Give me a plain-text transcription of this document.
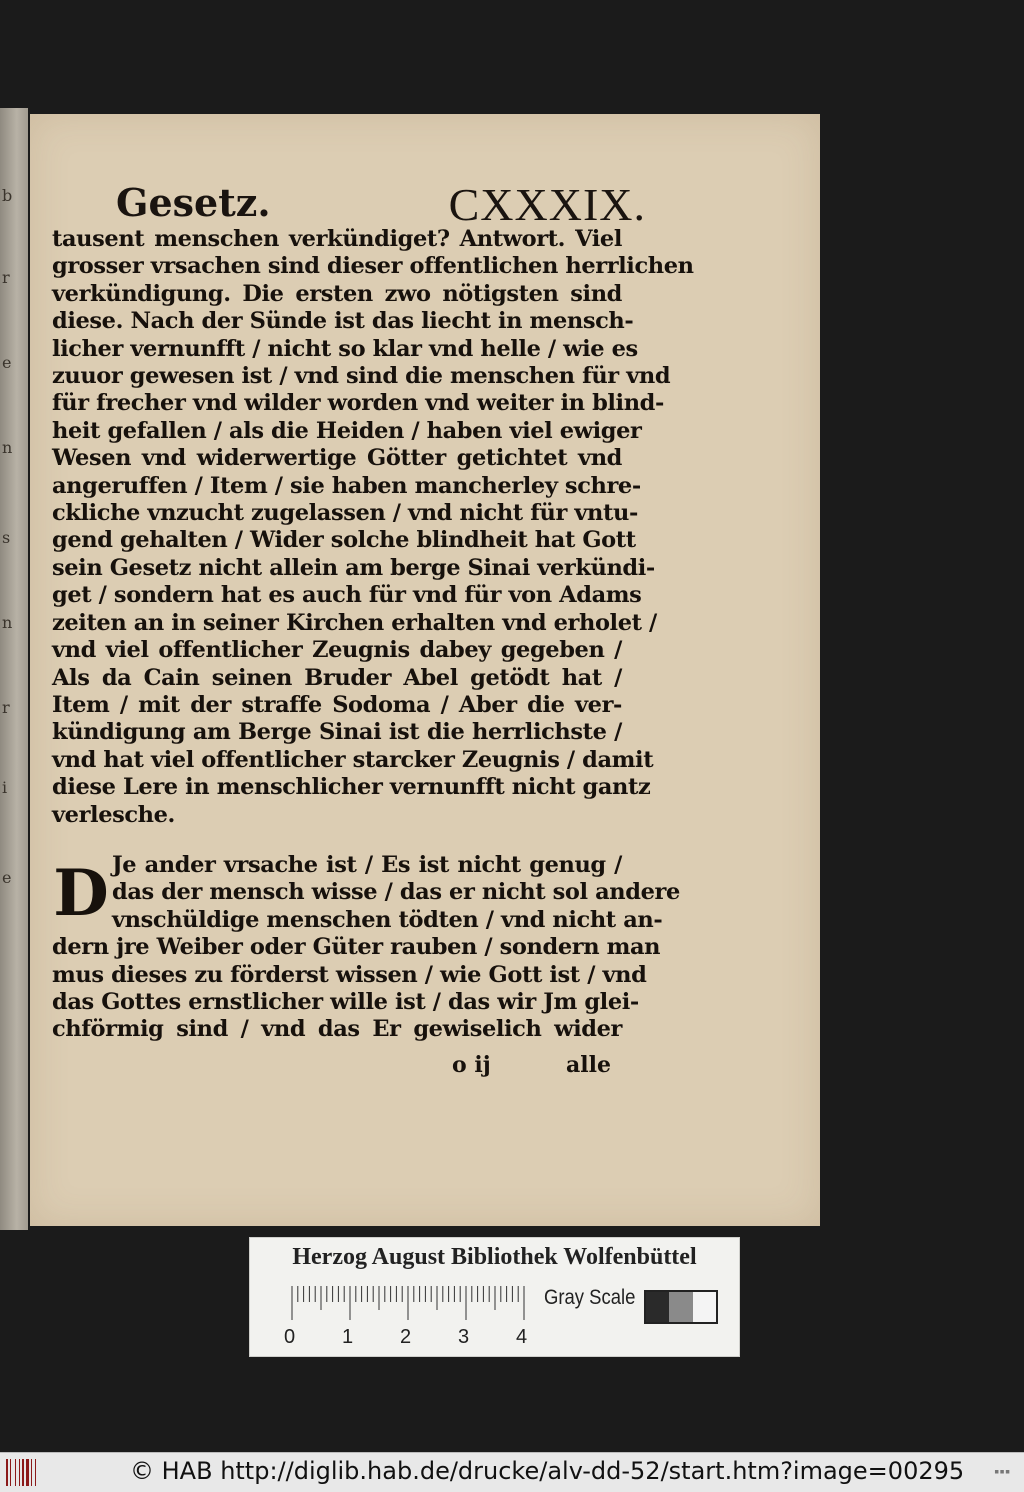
b
r
e
n
s
n
r
i
e
Gesetz.	CXXXIX.
tausent menschen verkündiget? Antwort. Viel
grosser vrsachen sind dieser offentlichen herrlichen
verkündigung. Die ersten zwo nötigsten sind
diese. Nach der Sünde ist das liecht in mensch-
licher vernunfft / nicht so klar vnd helle / wie es
zuuor gewesen ist / vnd sind die menschen für vnd
für frecher vnd wilder worden vnd weiter in blind-
heit gefallen / als die Heiden / haben viel ewiger
Wesen vnd widerwertige Götter getichtet vnd
angeruffen / Item / sie haben mancherley schre-
ckliche vnzucht zugelassen / vnd nicht für vntu-
gend gehalten / Wider solche blindheit hat Gott
sein Gesetz nicht allein am berge Sinai verkündi-
get / sondern hat es auch für vnd für von Adams
zeiten an in seiner Kirchen erhalten vnd erholet /
vnd viel offentlicher Zeugnis dabey gegeben /
Als da Cain seinen Bruder Abel getödt hat /
Item / mit der straffe Sodoma / Aber die ver-
kündigung am Berge Sinai ist die herrlichste /
vnd hat viel offentlicher starcker Zeugnis / damit
diese Lere in menschlicher vernunfft nicht gantz
verlesche.
D Je ander vrsache ist / Es ist nicht genug /
das der mensch wisse / das er nicht sol andere
vnschüldige menschen tödten / vnd nicht an-
dern jre Weiber oder Güter rauben / sondern man
mus dieses zu förderst wissen / wie Gott ist / vnd
das Gottes ernstlicher wille ist / das wir Jm glei-
chförmig sind / vnd das Er gewiselich wider
o ij	alle
Herzog August Bibliothek Wolfenbüttel
0 1 2 3 4
Gray Scale
© HAB http://diglib.hab.de/drucke/alv-dd-52/start.htm?image=00295	▪▪▪
